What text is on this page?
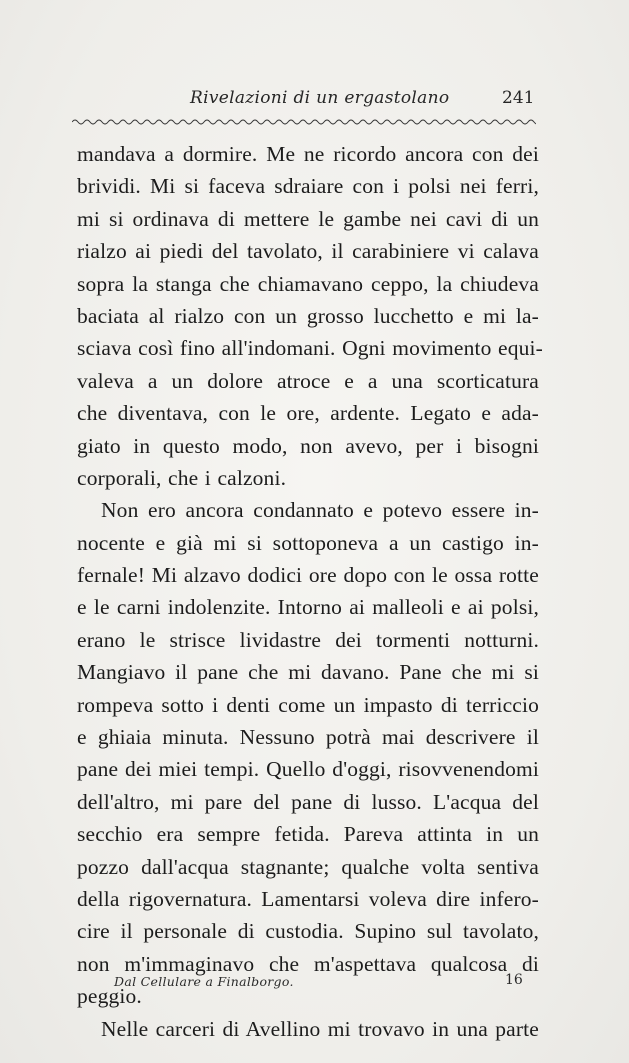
Rivelazioni di un ergastolano	241
mandava a dormire. Me ne ricordo ancora con dei
brividi. Mi si faceva sdraiare con i polsi nei ferri,
mi si ordinava di mettere le gambe nei cavi di un
rialzo ai piedi del tavolato, il carabiniere vi calava
sopra la stanga che chiamavano ceppo, la chiudeva
baciata al rialzo con un grosso lucchetto e mi la-
sciava così fino all'indomani. Ogni movimento equi-
valeva a un dolore atroce e a una scorticatura
che diventava, con le ore, ardente. Legato e ada-
giato in questo modo, non avevo, per i bisogni
corporali, che i calzoni.
Non ero ancora condannato e potevo essere in-
nocente e già mi si sottoponeva a un castigo in-
fernale! Mi alzavo dodici ore dopo con le ossa rotte
e le carni indolenzite. Intorno ai malleoli e ai polsi,
erano le strisce lividastre dei tormenti notturni.
Mangiavo il pane che mi davano. Pane che mi si
rompeva sotto i denti come un impasto di terriccio
e ghiaia minuta. Nessuno potrà mai descrivere il
pane dei miei tempi. Quello d'oggi, risovvenendomi
dell'altro, mi pare del pane di lusso. L'acqua del
secchio era sempre fetida. Pareva attinta in un
pozzo dall'acqua stagnante; qualche volta sentiva
della rigovernatura. Lamentarsi voleva dire infero-
cire il personale di custodia. Supino sul tavolato,
non m'immaginavo che m'aspettava qualcosa di
peggio.
Nelle carceri di Avellino mi trovavo in una parte
Dal Cellulare a Finalborgo.	16
